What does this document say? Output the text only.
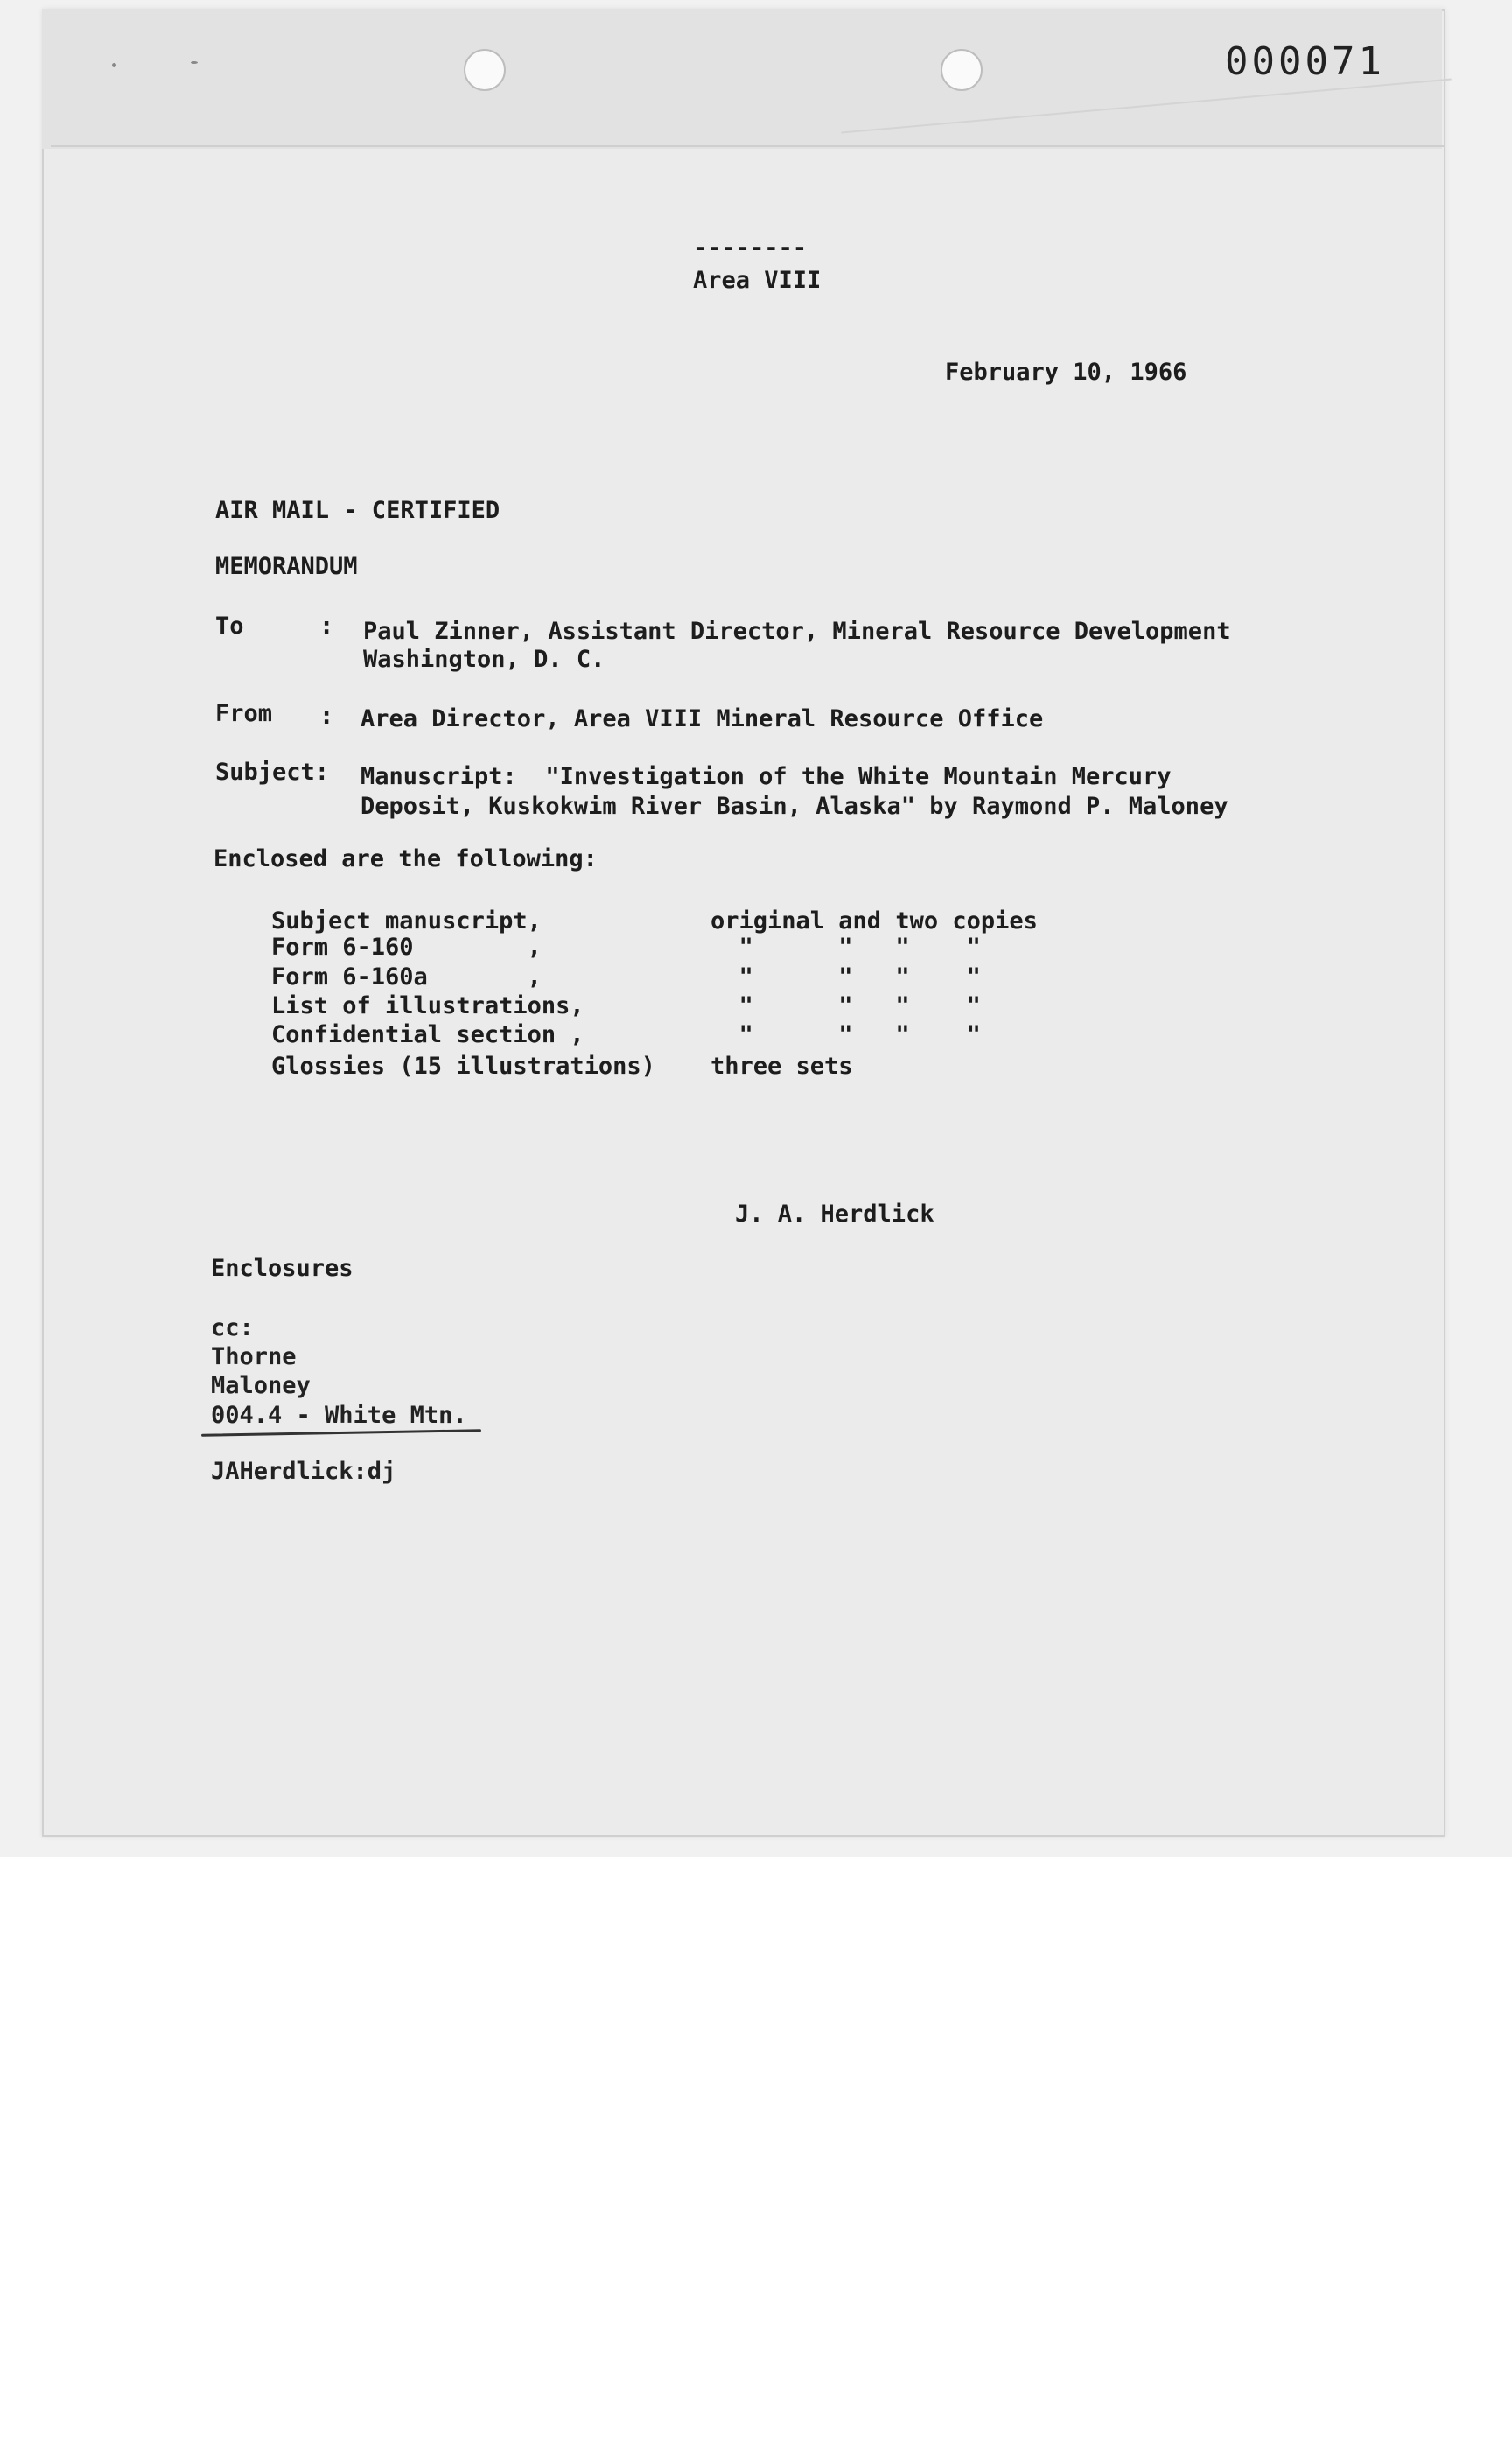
000071
--------
Area VIII
February 10, 1966
AIR MAIL - CERTIFIED
MEMORANDUM
To	: Paul Zinner, Assistant Director, Mineral Resource Development
Washington, D. C.
From : Area Director, Area VIII Mineral Resource Office
Subject: Manuscript:  "Investigation of the White Mountain Mercury
Deposit, Kuskokwim River Basin, Alaska" by Raymond P. Maloney
Enclosed are the following:
Subject manuscript,	original and two copies
Form 6-160        ,	"      "   "    "
Form 6-160a       ,	"      "   "    "
List of illustrations,	"      "   "    "
Confidential section ,	"      "   "    "
Glossies (15 illustrations) three sets
J. A. Herdlick
Enclosures
cc:
Thorne
Maloney
004.4 - White Mtn.
JAHerdlick:dj
